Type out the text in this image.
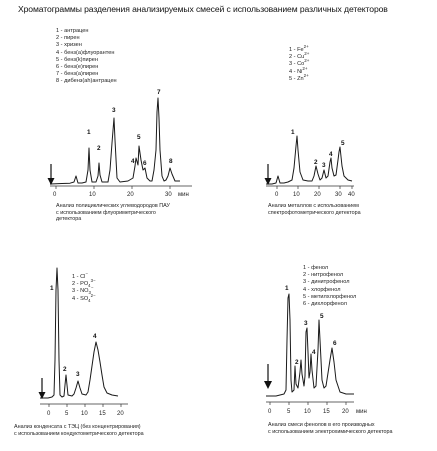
Хроматограммы разделения анализируемых смесей с использованием различных детекторов
1 - антрацен
2 - пирен
3 - хризен
4 - бенз(а)флуорантен
5 - бенз(k)пирен
6 - бенз(е)пирен
7 - бенз(а)пирен
8 - дибенз(ah)антрацен
0	10	20	30 мин
1
2
3
4
5
6
7
8
Анализ полициклических углеводородов ПАУ
с использованием флуориметрического
детектора
$1 - Fe^{2+}$
$2 - Cu^{2+}$
$3 - Co^{2+}$
$4 - Ni^{2+}$
$5 - Zn^{2+}$
0 10 20 30 40
1
2 3
4
5
Анализ металлов с использованием
спектрофотометрического детектора
1 - Cl−
$2 - PO_4^{3-}$
$3 - NO_3^-$
$4 - SO_4^{2-}$
0 5 10 15 20
1
2
3
4
Анализ конденсата с ТЭЦ (без концентрирования)
с использованием кондуктометрического детектора
1 - фенол
2 - нитрофенол
3 - динитрофенол
4 - хлорфенол
5 - метилхлорфенол
6 - дихлорфенол
0	5 10 15 20 мин
1
2
3
4
5
6
Анализ смеси фенолов в его производных
с использованием электрохимического детектора
